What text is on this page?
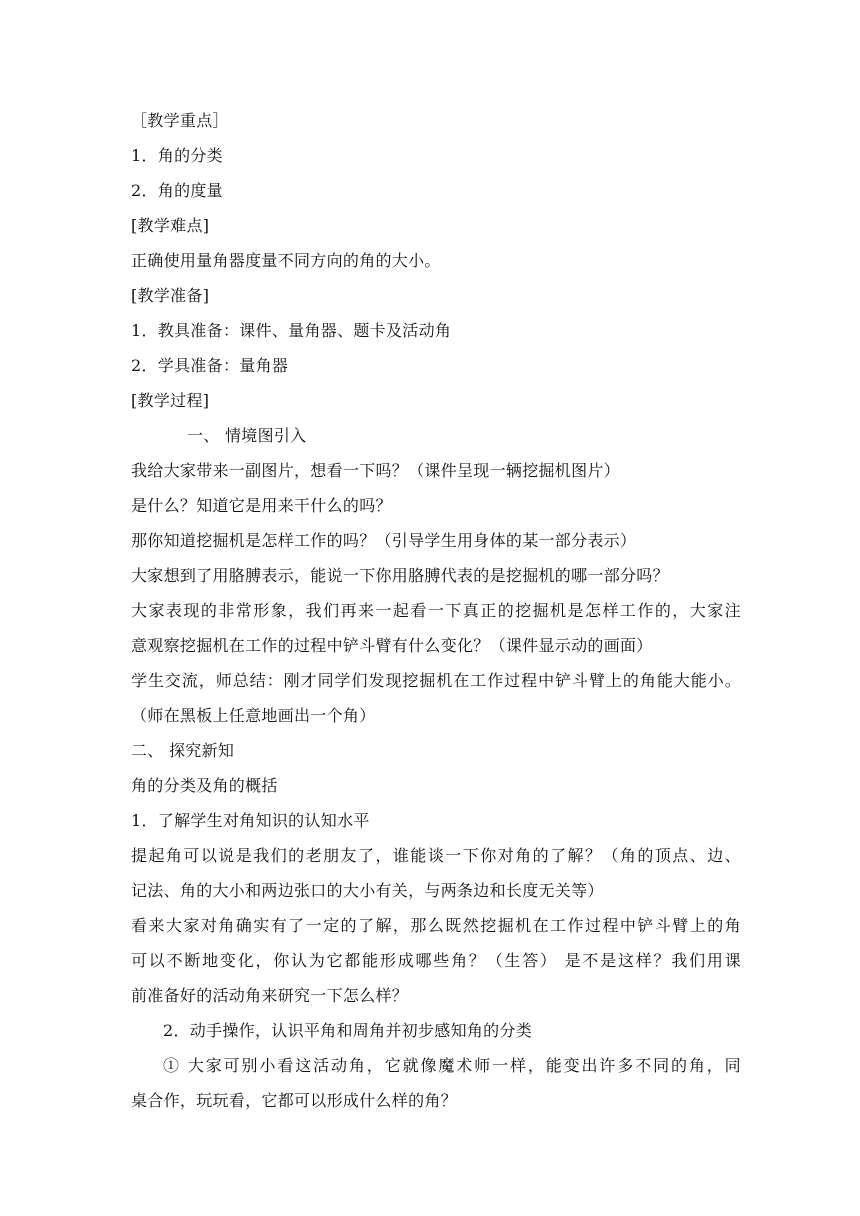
［教学重点］
1．角的分类
2．角的度量
[教学难点]
正确使用量角器度量不同方向的角的大小。
[教学准备]
1．教具准备：课件、量角器、题卡及活动角
2．学具准备：量角器
[教学过程]
一、 情境图引入
我给大家带来一副图片，想看一下吗？（课件呈现一辆挖掘机图片）
是什么？知道它是用来干什么的吗？
那你知道挖掘机是怎样工作的吗？（引导学生用身体的某一部分表示）
大家想到了用胳膊表示，能说一下你用胳膊代表的是挖掘机的哪一部分吗？
大家表现的非常形象，我们再来一起看一下真正的挖掘机是怎样工作的，大家注
意观察挖掘机在工作的过程中铲斗臂有什么变化？（课件显示动的画面）
学生交流，师总结：刚才同学们发现挖掘机在工作过程中铲斗臂上的角能大能小。
（师在黑板上任意地画出一个角）
二、 探究新知
角的分类及角的概括
1．了解学生对角知识的认知水平
提起角可以说是我们的老朋友了，谁能谈一下你对角的了解？（角的顶点、边、
记法、角的大小和两边张口的大小有关，与两条边和长度无关等）
看来大家对角确实有了一定的了解，那么既然挖掘机在工作过程中铲斗臂上的角
可以不断地变化，你认为它都能形成哪些角？（生答） 是不是这样？我们用课
前准备好的活动角来研究一下怎么样？
2．动手操作，认识平角和周角并初步感知角的分类
① 大家可别小看这活动角，它就像魔术师一样，能变出许多不同的角，同
桌合作，玩玩看，它都可以形成什么样的角？
